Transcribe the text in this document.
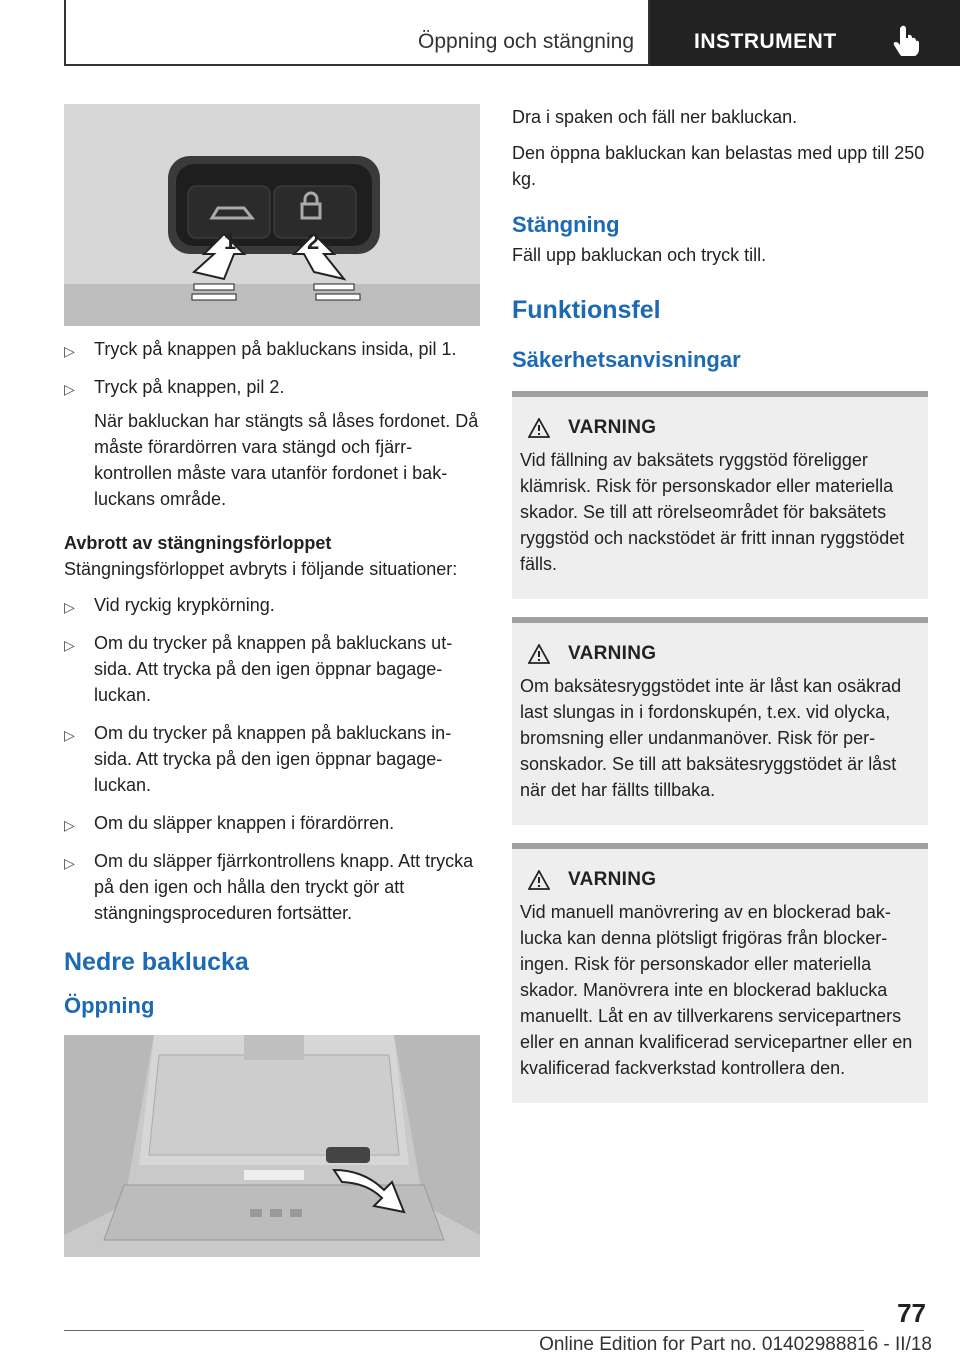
Öppning och stängning	INSTRUMENT
1	2
▷ Tryck på knappen på bakluckans insida, pil 1.
▷ Tryck på knappen, pil 2.
När bakluckan har stängts så låses fordonet. Då måste förardörren vara stängd och fjärrkontrollen måste vara utanför fordonet i bakluckans område.
Avbrott av stängningsförloppet
Stängningsförloppet avbryts i följande situationer:
▷ Vid ryckig krypkörning.
▷ Om du trycker på knappen på bakluckans utsida. Att trycka på den igen öppnar bagageluckan.
▷ Om du trycker på knappen på bakluckans insida. Att trycka på den igen öppnar bagageluckan.
▷ Om du släpper knappen i förardörren.
▷ Om du släpper fjärrkontrollens knapp. Att trycka på den igen och hålla den tryckt gör att stängningsproceduren fortsätter.
Nedre baklucka
Öppning
Dra i spaken och fäll ner bakluckan.
Den öppna bakluckan kan belastas med upp till 250 kg.
Stängning
Fäll upp bakluckan och tryck till.
Funktionsfel
Säkerhetsanvisningar
VARNING
Vid fällning av baksätets ryggstöd föreligger klämrisk. Risk för personskador eller materiella skador. Se till att rörelseområdet för baksätets ryggstöd och nackstödet är fritt innan ryggstödet fälls.
VARNING
Om baksätesryggstödet inte är låst kan osäkrad last slungas in i fordonskupén, t.ex. vid olycka, bromsning eller undanmanöver. Risk för personskador. Se till att baksätesryggstödet är låst när det har fällts tillbaka.
VARNING
Vid manuell manövrering av en blockerad baklucka kan denna plötsligt frigöras från blockeringen. Risk för personskador eller materiella skador. Manövrera inte en blockerad baklucka manuellt. Låt en av tillverkarens servicepartners eller en annan kvalificerad servicepartner eller en kvalificerad fackverkstad kontrollera den.
77
Online Edition for Part no. 01402988816 - II/18
